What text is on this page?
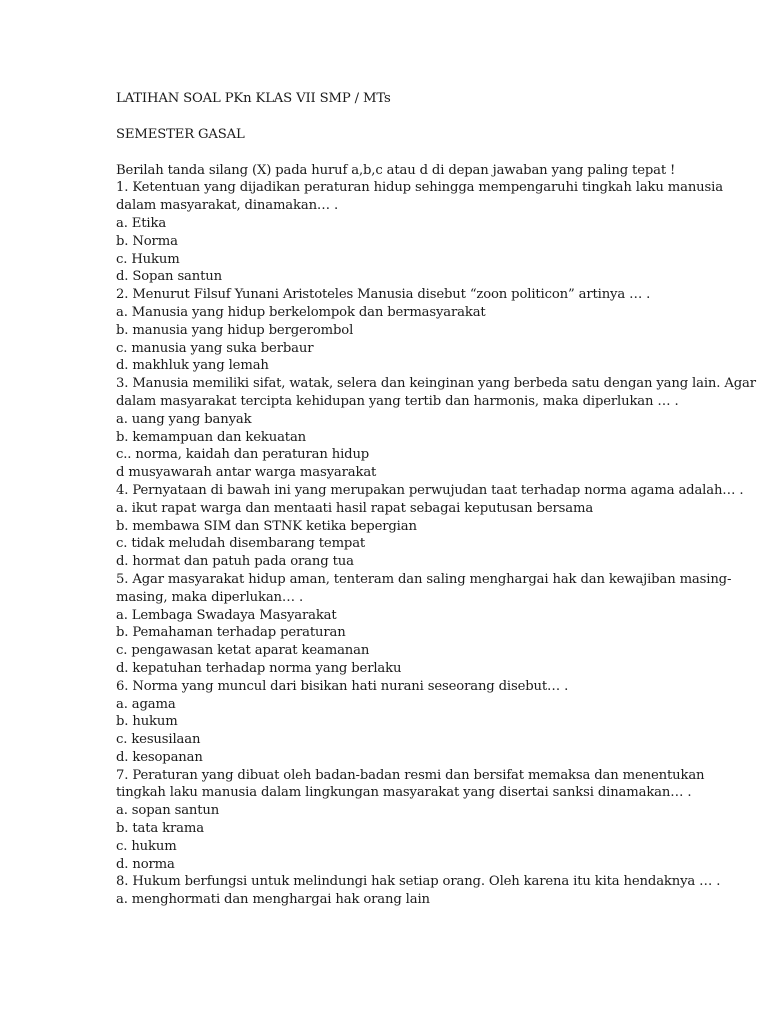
LATIHAN SOAL PKn KLAS VII SMP / MTs
SEMESTER GASAL
Berilah tanda silang (X) pada huruf a,b,c atau d di depan jawaban yang paling tepat !
1. Ketentuan yang dijadikan peraturan hidup sehingga mempengaruhi tingkah laku manusia dalam masyarakat, dinamakan… .
a. Etika
b. Norma
c. Hukum
d. Sopan santun
2. Menurut Filsuf Yunani Aristoteles Manusia disebut “zoon politicon” artinya … .
a. Manusia yang hidup berkelompok dan bermasyarakat
b. manusia yang hidup bergerombol
c. manusia yang suka berbaur
d. makhluk yang lemah
3. Manusia memiliki sifat, watak, selera dan keinginan yang berbeda satu dengan yang lain. Agar dalam masyarakat tercipta kehidupan yang tertib dan harmonis, maka diperlukan … .
a. uang yang banyak
b. kemampuan dan kekuatan
c.. norma, kaidah dan peraturan hidup
d musyawarah antar warga masyarakat
4. Pernyataan di bawah ini yang merupakan perwujudan taat terhadap norma agama adalah… .
a. ikut rapat warga dan mentaati hasil rapat sebagai keputusan bersama
b. membawa SIM dan STNK ketika bepergian
c. tidak meludah disembarang tempat
d. hormat dan patuh pada orang tua
5. Agar masyarakat hidup aman, tenteram dan saling menghargai hak dan kewajiban masing-masing, maka diperlukan… .
a. Lembaga Swadaya Masyarakat
b. Pemahaman terhadap peraturan
c. pengawasan ketat aparat keamanan
d. kepatuhan terhadap norma yang berlaku
6. Norma yang muncul dari bisikan hati nurani seseorang disebut… .
a. agama
b. hukum
c. kesusilaan
d. kesopanan
7. Peraturan yang dibuat oleh badan-badan resmi dan bersifat memaksa dan menentukan tingkah laku manusia dalam lingkungan masyarakat yang disertai sanksi dinamakan… .
a. sopan santun
b. tata krama
c. hukum
d. norma
8. Hukum berfungsi untuk melindungi hak setiap orang. Oleh karena itu kita hendaknya … .
a. menghormati dan menghargai hak orang lain
